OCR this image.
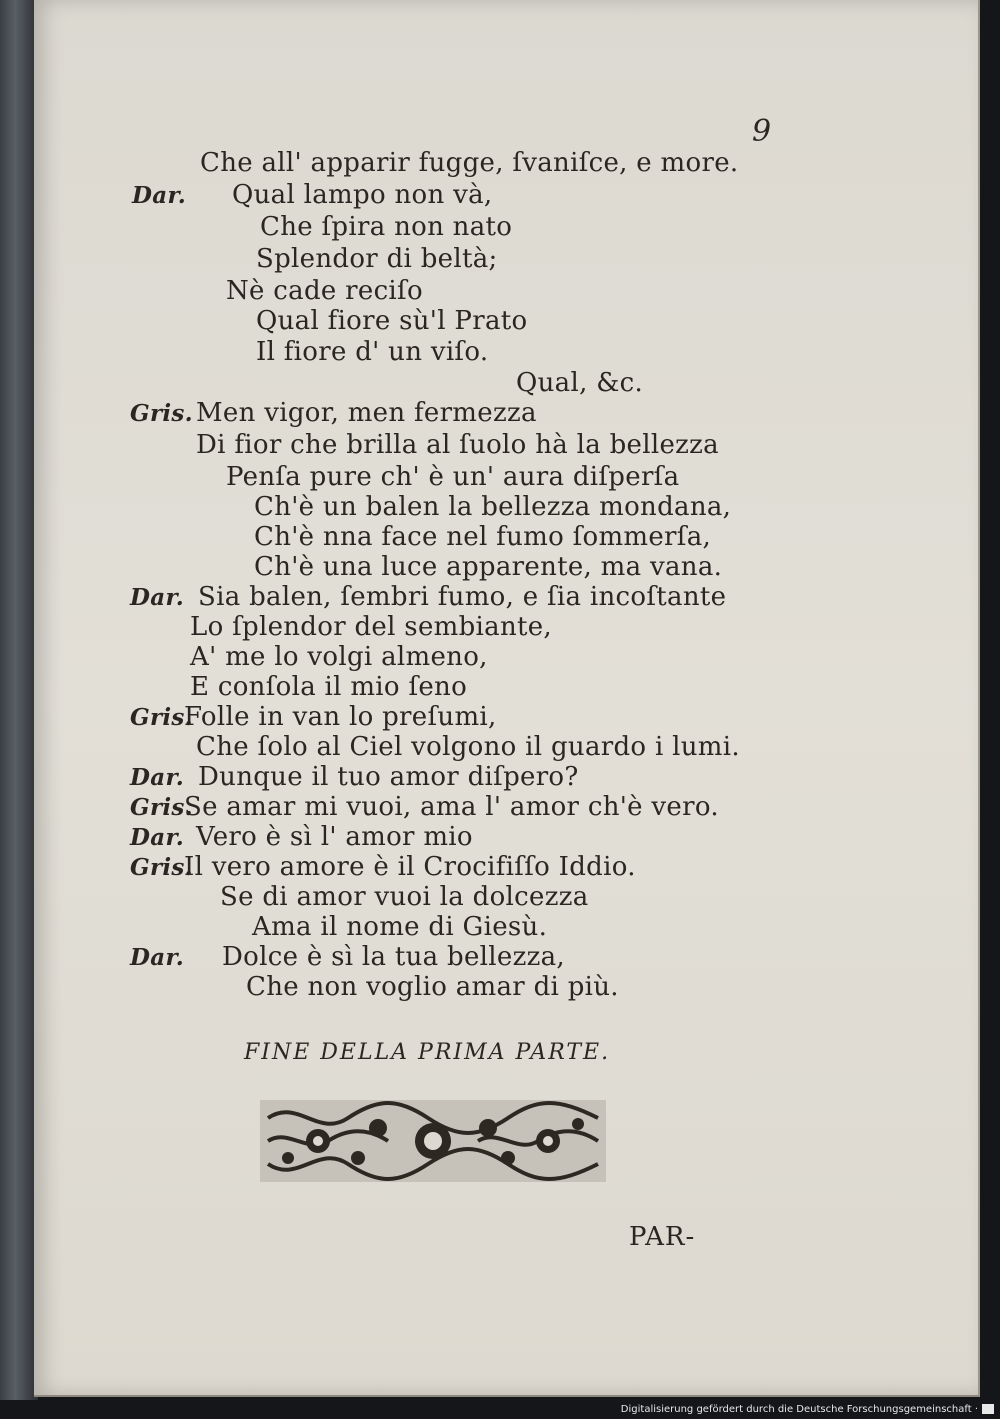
9
Che all' apparir fugge, ſvaniſce, e more.
Dar. Qual lampo non và,
Che ſpira non nato
Splendor di beltà;
Nè cade reciſo
Qual fiore sù'l Prato
Il fiore d' un viſo.
Qual, &c.
Gris. Men vigor, men fermezza
Di fior che brilla al ſuolo hà la bellezza
Penſa pure ch' è un' aura diſperſa
Ch'è un balen la bellezza mondana,
Ch'è nna face nel fumo ſommerſa,
Ch'è una luce apparente, ma vana.
Dar. Sia balen, ſembri fumo, e ſia incoſtante
Lo ſplendor del sembiante,
A' me lo volgi almeno,
E conſola il mio ſeno
Gris.
Folle in van lo preſumi,
Che ſolo al Ciel volgono il guardo i lumi.
Dar. Dunque il tuo amor diſpero?
Gris.
Se amar mi vuoi, ama l' amor ch'è vero.
Dar. Vero è sì l' amor mio
Gris.
Il vero amore è il Crocifiſſo Iddio.
Se di amor vuoi la dolcezza
Ama il nome di Giesù.
Dar. Dolce è sì la tua bellezza,
Che non voglio amar di più.
FINE DELLA PRIMA PARTE.
PAR-
Digitalisierung gefördert durch die Deutsche Forschungsgemeinschaft ·
